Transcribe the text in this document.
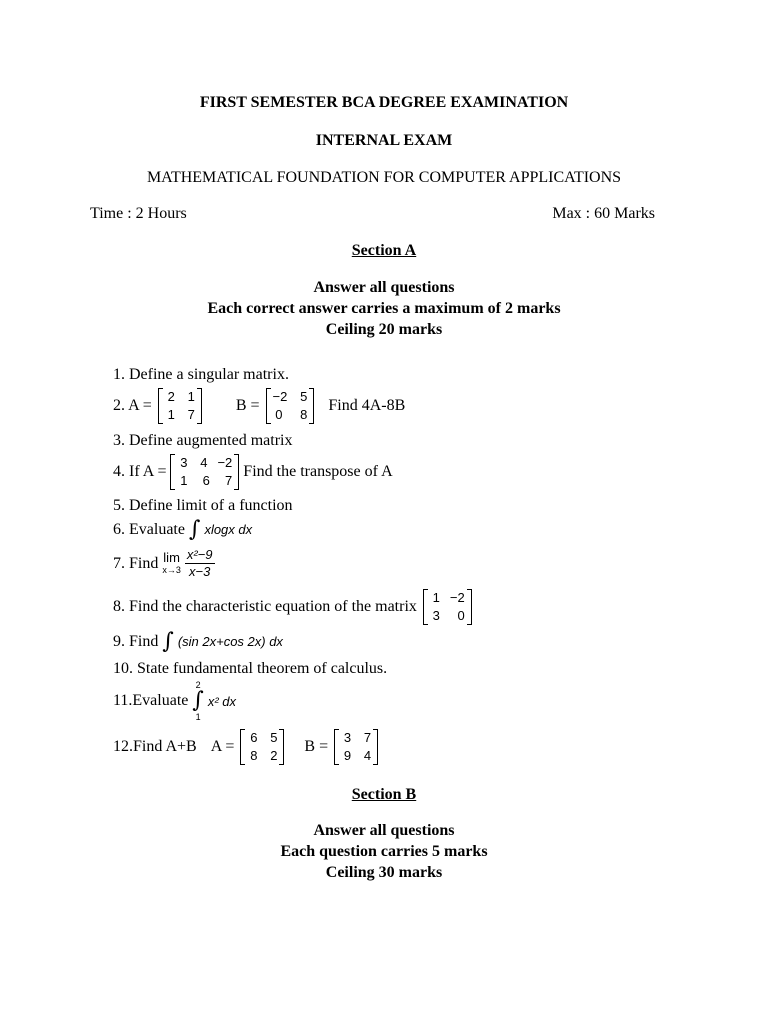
FIRST SEMESTER BCA DEGREE EXAMINATION
INTERNAL EXAM
MATHEMATICAL FOUNDATION FOR COMPUTER APPLICATIONS
Time : 2 Hours	Max : 60 Marks
Section A
Answer all questions
Each correct answer carries a maximum of 2 marks
Ceiling 20 marks
1. Define a singular matrix.
2. A =
2 1
1 7
B =
−2 5
0 8
Find 4A-8B
3. Define augmented matrix
4. If A =
3 4 −2
1 6 7
Find the transpose of A
5. Define limit of a function
6. Evaluate ∫ xlogx dx
7. Find lim
$x\to 3 \frac{\text{x²−9}}{x-3}$
8. Find the characteristic equation of the matrix
1 −2
3 0
9. Find ∫ (sin 2x+cos 2x) dx
10. State fundamental theorem of calculus.
11.Evaluate
2
∫
1
x² dx
12.Find A+B A =
6 5
8 2
B =
3 7
9 4
Section B
Answer all questions
Each question carries 5 marks
Ceiling 30 marks
